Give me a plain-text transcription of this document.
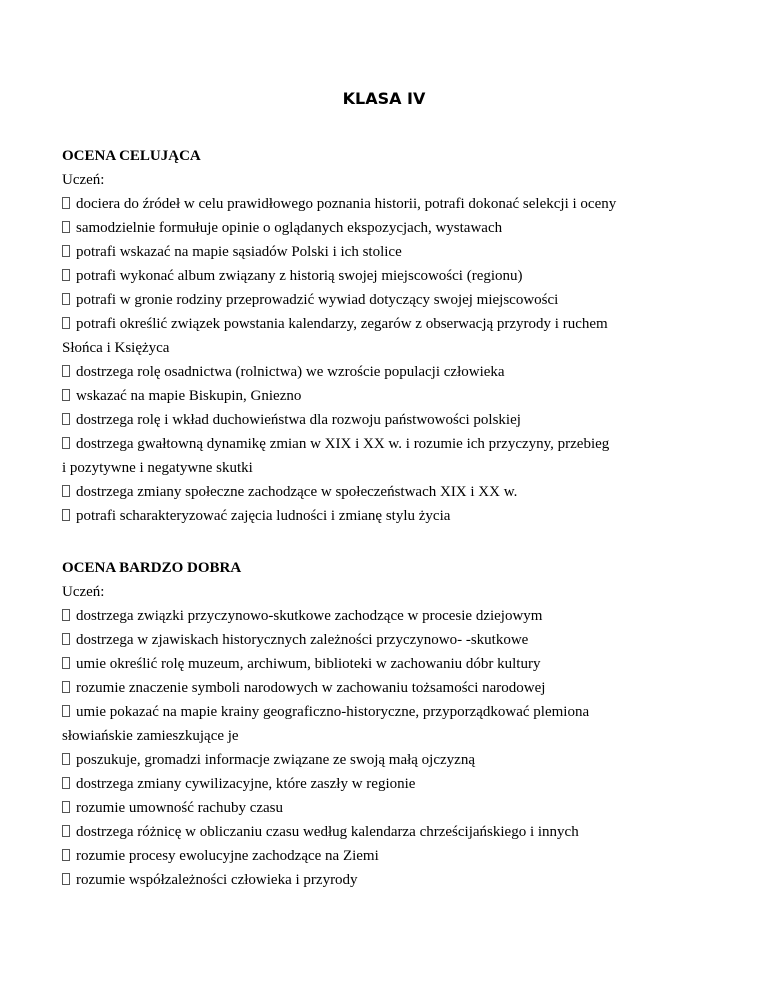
KLASA IV
OCENA CELUJĄCA
Uczeń:
dociera do źródeł w celu prawidłowego poznania historii, potrafi dokonać selekcji i oceny
samodzielnie formułuje opinie o oglądanych ekspozycjach, wystawach
potrafi wskazać na mapie sąsiadów Polski i ich stolice
potrafi wykonać album związany z historią swojej miejscowości (regionu)
potrafi w gronie rodziny przeprowadzić wywiad dotyczący swojej miejscowości
potrafi określić związek powstania kalendarzy, zegarów z obserwacją przyrody i ruchem
Słońca i Księżyca
dostrzega rolę osadnictwa (rolnictwa) we wzroście populacji człowieka
wskazać na mapie Biskupin, Gniezno
dostrzega rolę i wkład duchowieństwa dla rozwoju państwowości polskiej
dostrzega gwałtowną dynamikę zmian w XIX i XX w. i rozumie ich przyczyny, przebieg
i pozytywne i negatywne skutki
dostrzega zmiany społeczne zachodzące w społeczeństwach XIX i XX w.
potrafi scharakteryzować zajęcia ludności i zmianę stylu życia
OCENA BARDZO DOBRA
Uczeń:
dostrzega związki przyczynowo-skutkowe zachodzące w procesie dziejowym
dostrzega w zjawiskach historycznych zależności przyczynowo- -skutkowe
umie określić rolę muzeum, archiwum, biblioteki w zachowaniu dóbr kultury
rozumie znaczenie symboli narodowych w zachowaniu tożsamości narodowej
umie pokazać na mapie krainy geograficzno-historyczne, przyporządkować plemiona
słowiańskie zamieszkujące je
poszukuje, gromadzi informacje związane ze swoją małą ojczyzną
dostrzega zmiany cywilizacyjne, które zaszły w regionie
rozumie umowność rachuby czasu
dostrzega różnicę w obliczaniu czasu według kalendarza chrześcijańskiego i innych
rozumie procesy ewolucyjne zachodzące na Ziemi
rozumie współzależności człowieka i przyrody
